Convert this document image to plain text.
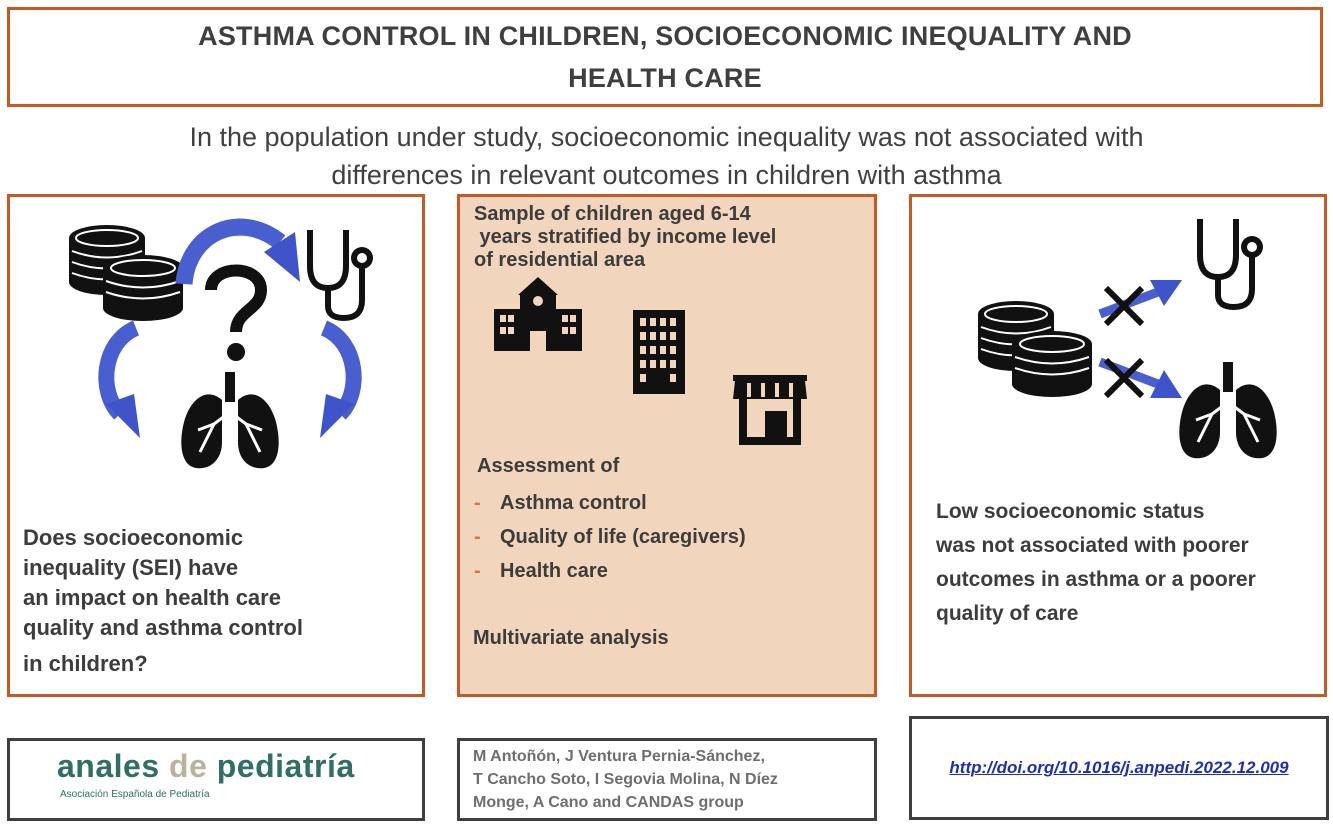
ASTHMA CONTROL IN CHILDREN, SOCIOECONOMIC INEQUALITY AND
HEALTH CARE
In the population under study, socioeconomic inequality was not associated with
differences in relevant outcomes in children with asthma
Does socioeconomic
inequality (SEI) have
an impact on health care
quality and asthma control
in children?
Sample of children aged 6-14
years stratified by income level
of residential area
Assessment of
- Asthma control
- Quality of life (caregivers)
- Health care
Multivariate analysis
Low socioeconomic status
was not associated with poorer
outcomes in asthma or a poorer
quality of care
anales de pediatría
Asociación Española de Pediatría
M Antoñón, J Ventura Pernia-Sánchez,
T Cancho Soto, I Segovia Molina, N Díez
Monge, A Cano and CANDAS group
http://doi.org/10.1016/j.anpedi.2022.12.009
